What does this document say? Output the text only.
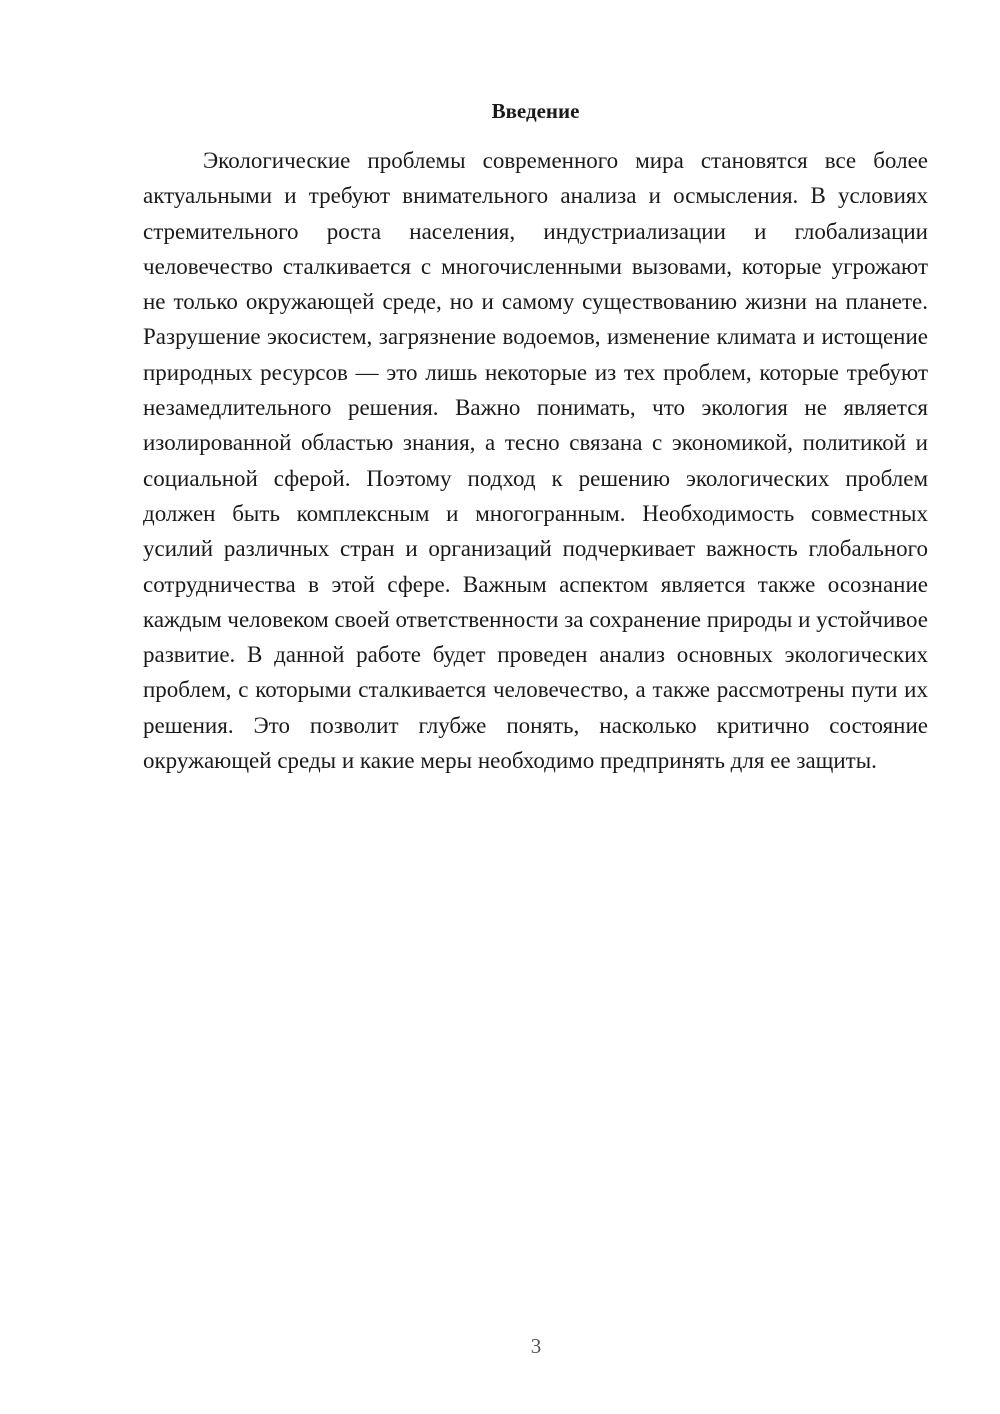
Введение

Экологические проблемы современного мира становятся все более актуальными и требуют внимательного анализа и осмысления. В условиях стремительного роста населения, индустриализации и глобализации человечество сталкивается с многочисленными вызовами, которые угрожают не только окружающей среде, но и самому существованию жизни на планете. Разрушение экосистем, загрязнение водоемов, изменение климата и истощение природных ресурсов — это лишь некоторые из тех проблем, которые требуют незамедлительного решения. Важно понимать, что экология не является изолированной областью знания, а тесно связана с экономикой, политикой и социальной сферой. Поэтому подход к решению экологических проблем должен быть комплексным и многогранным. Необходимость совместных усилий различных стран и организаций подчеркивает важность глобального сотрудничества в этой сфере. Важным аспектом является также осознание каждым человеком своей ответственности за сохранение природы и устойчивое развитие. В данной работе будет проведен анализ основных экологических проблем, с которыми сталкивается человечество, а также рассмотрены пути их решения. Это позволит глубже понять, насколько критично состояние окружающей среды и какие меры необходимо предпринять для ее защиты.

3
